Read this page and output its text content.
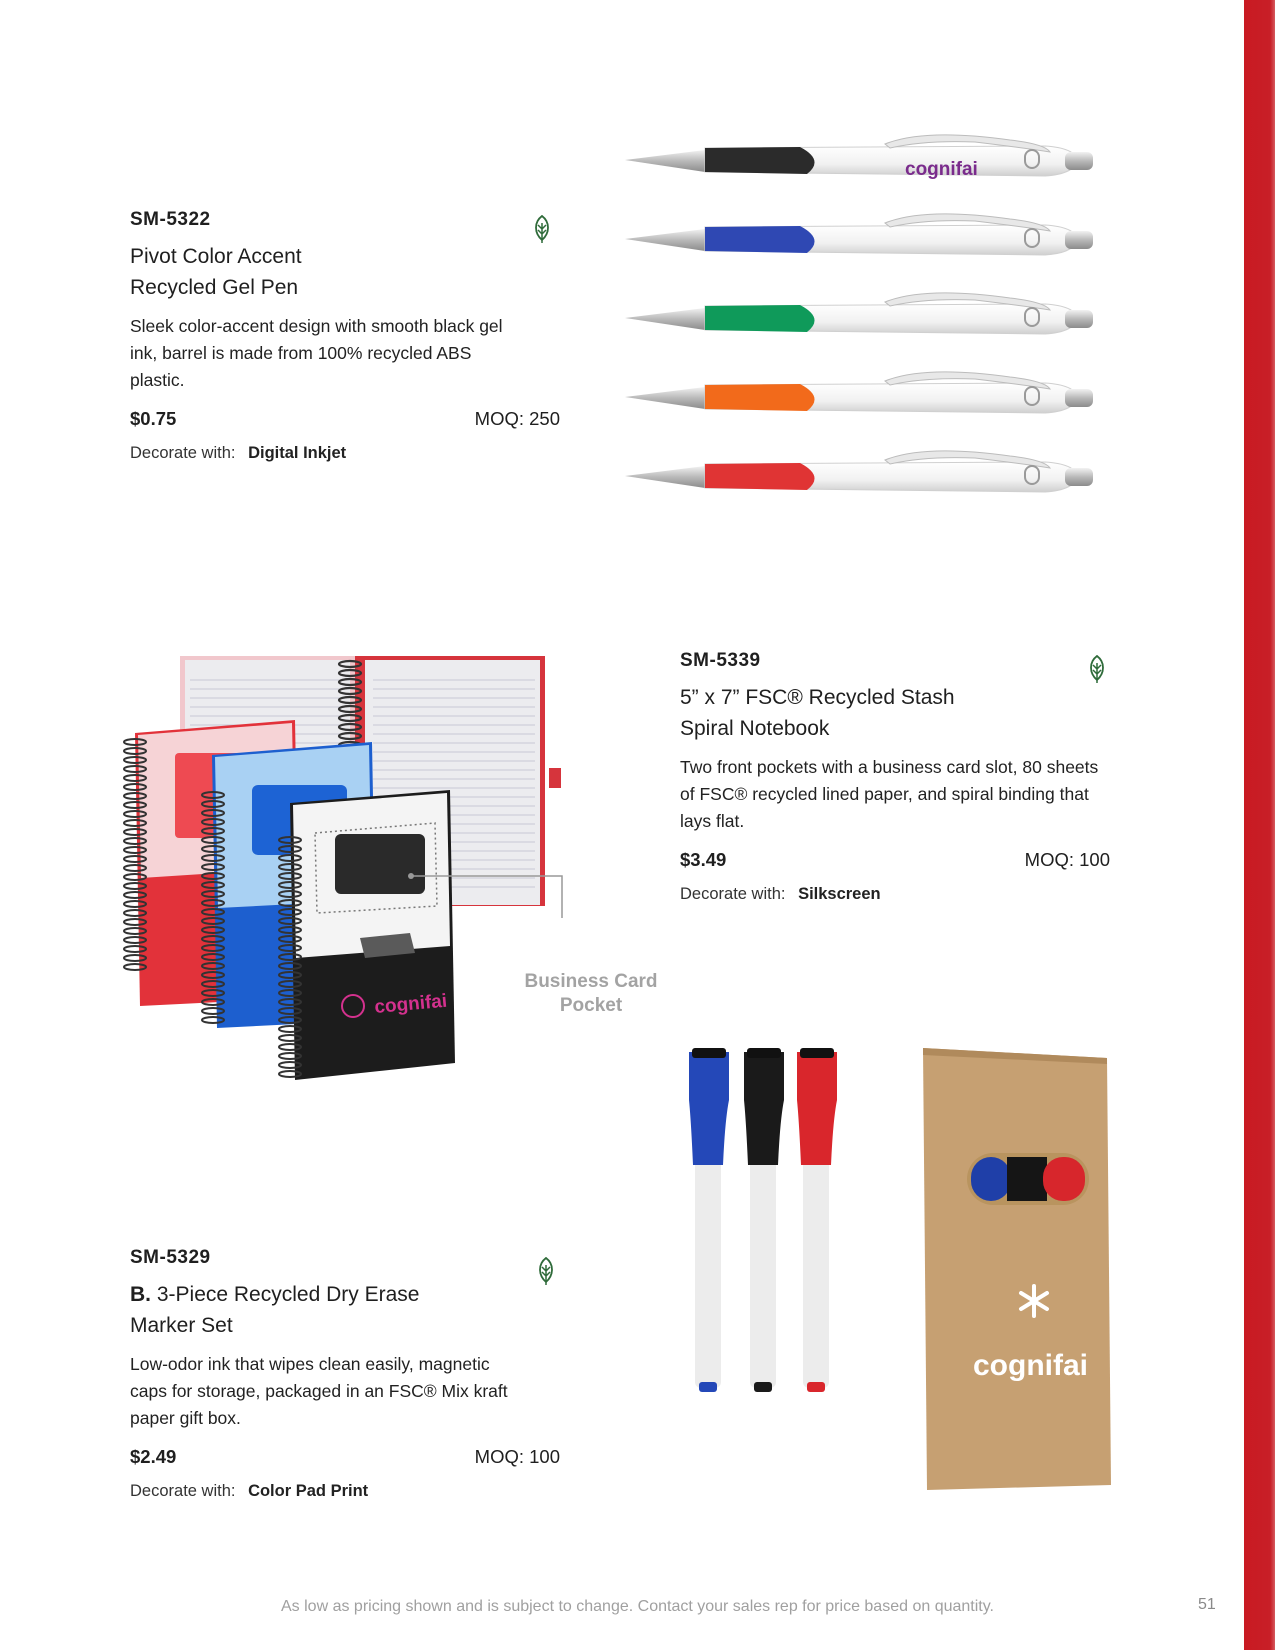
SM-5322
Pivot Color Accent Recycled Gel Pen
Sleek color-accent design with smooth black gel ink, barrel is made from 100% recycled ABS plastic.
$0.75	MOQ: 250
Decorate with: Digital Inkjet
cognifai
SM-5339
5” x 7” FSC® Recycled Stash Spiral Notebook
Two front pockets with a business card slot, 80 sheets of FSC® recycled lined paper, and spiral binding that lays flat.
$3.49	MOQ: 100
Decorate with: Silkscreen
cognifai
Business Card Pocket
SM-5329
B. 3-Piece Recycled Dry Erase Marker Set
Low-odor ink that wipes clean easily, magnetic caps for storage, packaged in an FSC® Mix kraft paper gift box.
$2.49	MOQ: 100
Decorate with: Color Pad Print
cognifai
As low as pricing shown and is subject to change. Contact your sales rep for price based on quantity.	51
